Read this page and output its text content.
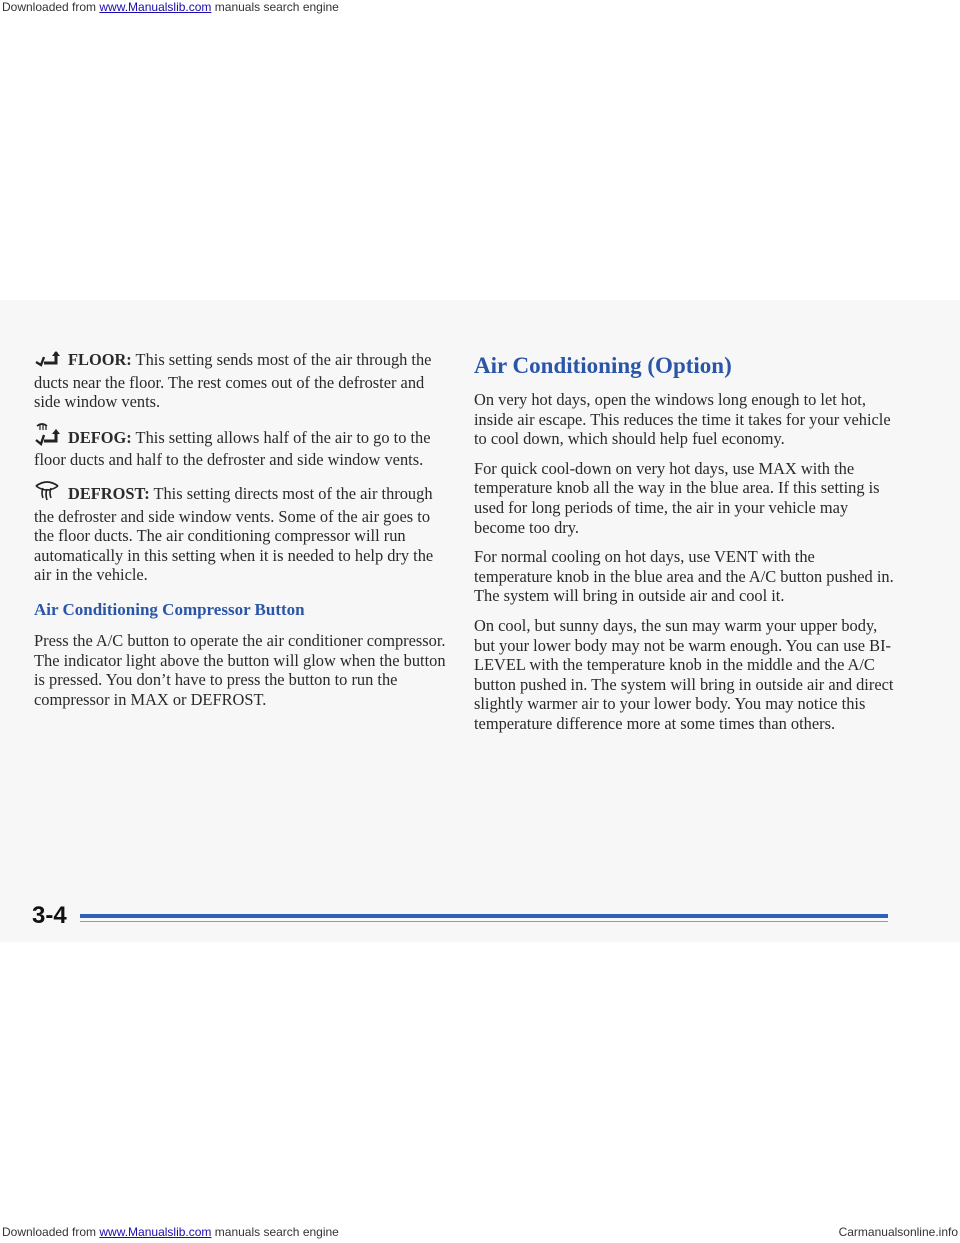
Downloaded from www.Manualslib.com manuals search engine

FLOOR: This setting sends most of the air through the ducts near the floor. The rest comes out of the defroster and side window vents.

DEFOG: This setting allows half of the air to go to the floor ducts and half to the defroster and side window vents.

DEFROST: This setting directs most of the air through the defroster and side window vents. Some of the air goes to the floor ducts. The air conditioning compressor will run automatically in this setting when it is needed to help dry the air in the vehicle.

Air Conditioning Compressor Button

Press the A/C button to operate the air conditioner compressor. The indicator light above the button will glow when the button is pressed. You don’t have to press the button to run the compressor in MAX or DEFROST.

Air Conditioning (Option)

On very hot days, open the windows long enough to let hot, inside air escape. This reduces the time it takes for your vehicle to cool down, which should help fuel economy.

For quick cool-down on very hot days, use MAX with the temperature knob all the way in the blue area. If this setting is used for long periods of time, the air in your vehicle may become too dry.

For normal cooling on hot days, use VENT with the temperature knob in the blue area and the A/C button pushed in. The system will bring in outside air and cool it.

On cool, but sunny days, the sun may warm your upper body, but your lower body may not be warm enough. You can use BI-LEVEL with the temperature knob in the middle and the A/C button pushed in. The system will bring in outside air and direct slightly warmer air to your lower body. You may notice this temperature difference more at some times than others.

3-4
Downloaded from www.Manualslib.com manuals search engine	Carmanualsonline.info
